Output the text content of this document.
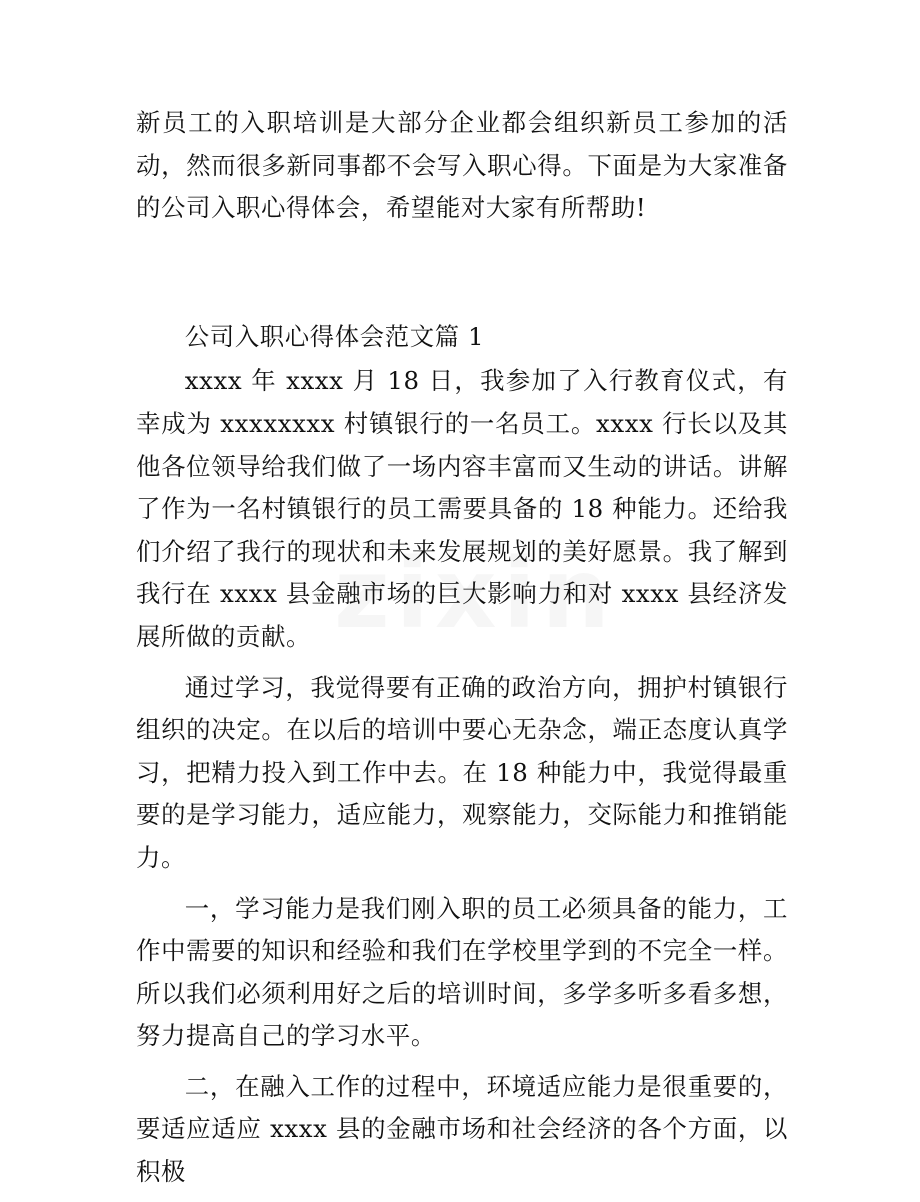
新员工的入职培训是大部分企业都会组织新员工参加的活动，然而很多新同事都不会写入职心得。下面是为大家准备的公司入职心得体会，希望能对大家有所帮助!

公司入职心得体会范文篇 1

xxxx 年 xxxx 月 18 日，我参加了入行教育仪式，有幸成为 xxxxxxxx 村镇银行的一名员工。xxxx 行长以及其他各位领导给我们做了一场内容丰富而又生动的讲话。讲解了作为一名村镇银行的员工需要具备的 18 种能力。还给我们介绍了我行的现状和未来发展规划的美好愿景。我了解到我行在 xxxx 县金融市场的巨大影响力和对 xxxx 县经济发展所做的贡献。

通过学习，我觉得要有正确的政治方向，拥护村镇银行组织的决定。在以后的培训中要心无杂念，端正态度认真学习，把精力投入到工作中去。在 18 种能力中，我觉得最重要的是学习能力，适应能力，观察能力，交际能力和推销能力。

一，学习能力是我们刚入职的员工必须具备的能力，工作中需要的知识和经验和我们在学校里学到的不完全一样。所以我们必须利用好之后的培训时间，多学多听多看多想，努力提高自己的学习水平。

二，在融入工作的过程中，环境适应能力是很重要的，要适应适应 xxxx 县的金融市场和社会经济的各个方面，以积极
